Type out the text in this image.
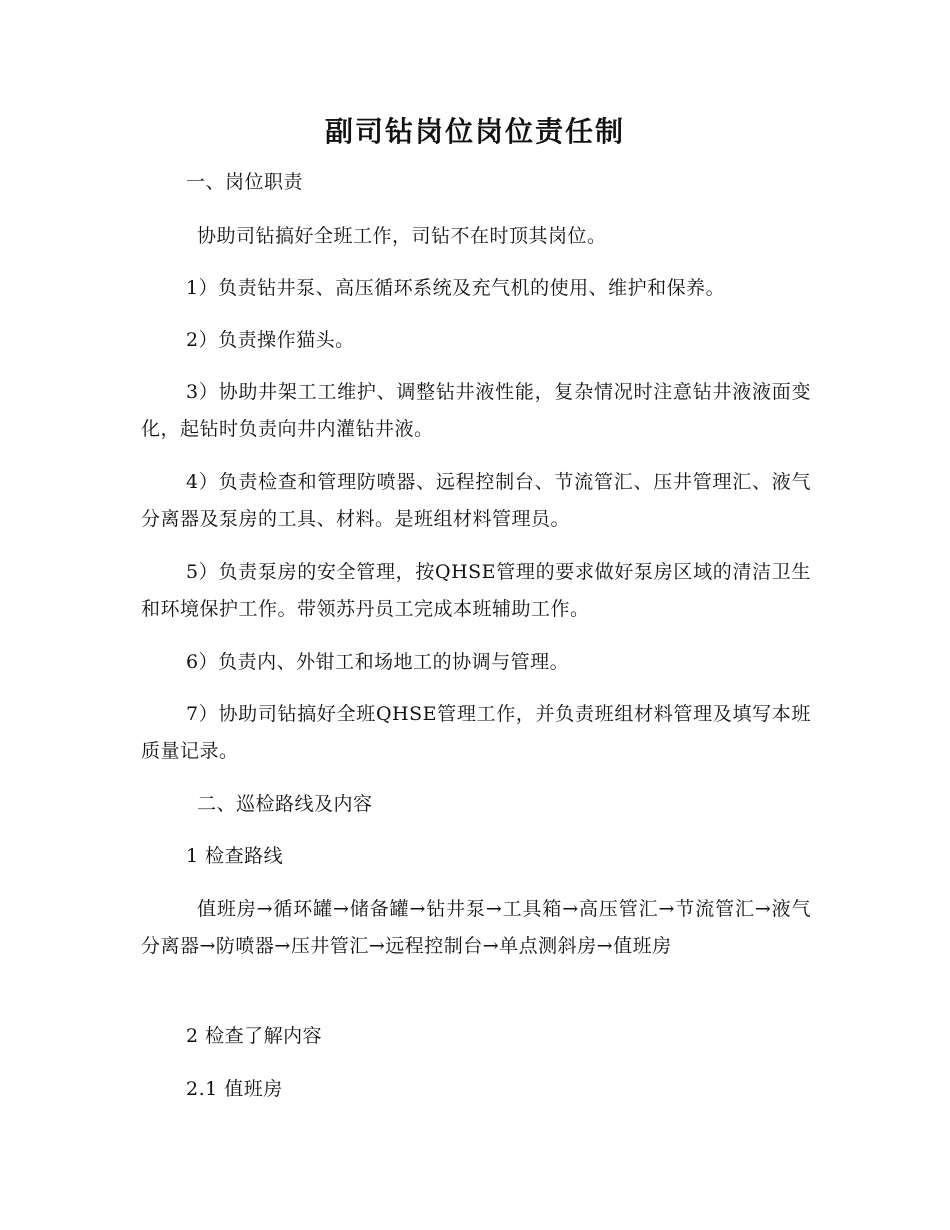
副司钻岗位岗位责任制
一、岗位职责
协助司钻搞好全班工作，司钻不在时顶其岗位。
1）负责钻井泵、高压循环系统及充气机的使用、维护和保养。
2）负责操作猫头。
3）协助井架工工维护、调整钻井液性能，复杂情况时注意钻井液液面变化，起钻时负责向井内灌钻井液。
4）负责检查和管理防喷器、远程控制台、节流管汇、压井管理汇、液气分离器及泵房的工具、材料。是班组材料管理员。
5）负责泵房的安全管理，按QHSE管理的要求做好泵房区域的清洁卫生和环境保护工作。带领苏丹员工完成本班辅助工作。
6）负责内、外钳工和场地工的协调与管理。
7）协助司钻搞好全班QHSE管理工作，并负责班组材料管理及填写本班质量记录。
二、巡检路线及内容
1 检查路线
值班房→循环罐→储备罐→钻井泵→工具箱→高压管汇→节流管汇→液气分离器→防喷器→压井管汇→远程控制台→单点测斜房→值班房
2 检查了解内容
2.1 值班房
